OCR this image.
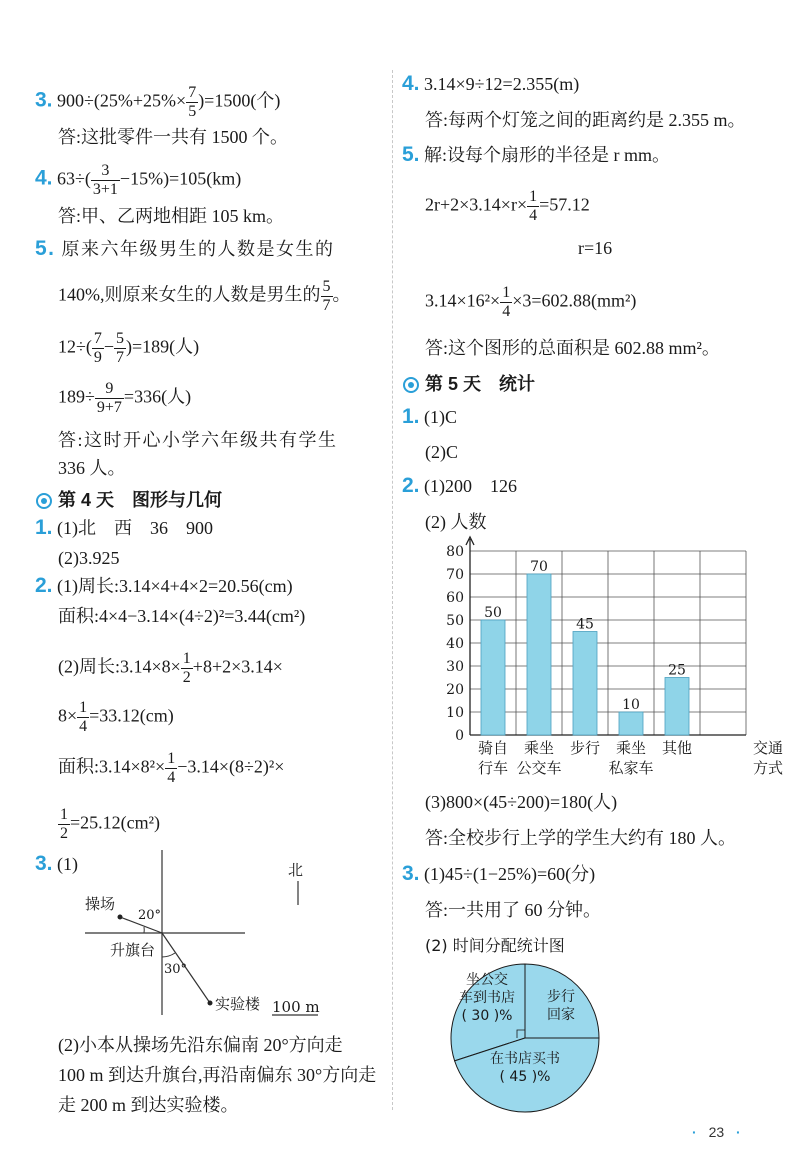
3. $900\div(25\%+25\%\times \frac{7}{5} )=1500$(个)
答:这批零件一共有 1500 个。
4. $63\div( \frac{3}{3+1} -15\%)=105(km)$
答:甲、乙两地相距 105 km。
5. 原来六年级男生的人数是女生的
140%,则原来女生的人数是男生的 $\frac{5}{7}$ 。
$12\div( \frac{7}{9} - \frac{5}{7} )=189$(人)
$189\div \frac{9}{9+7} =336$(人)
答:这时开心小学六年级共有学生
336 人。
第 4 天　图形与几何
1. (1)北　西　36　900
(2)3.925
2. (1)周长:3.14×4+4×2=20.56(cm)
面积:4×4−3.14×(4÷2)²=3.44(cm²)
(2)周长:3.14×8× $\frac{1}{2} +8+2\times 3.14\times$
$8\times \frac{1}{4} =33.12(cm)$
面积:3.14×8²× $\frac{1}{4} -3.14\times(8\div 2)^2\times$
$\frac{1}{2} =25.12(cm^2)$
3. (1)
操场
20°
升旗台
30°
实验楼 100 m
北
(2)小本从操场先沿东偏南 20°方向走
100 m 到达升旗台,再沿南偏东 30°方向走
走 200 m 到达实验楼。
4. 3.14×9÷12=2.355(m)
答:每两个灯笼之间的距离约是 2.355 m。
5. 解:设每个扇形的半径是 r mm。
$2r+2\times 3.14\times r\times \frac{1}{4} =57.12$
r=16
$3.14\times 16^2\times \frac{1}{4} \times 3=602.88(mm^2)$
答:这个图形的总面积是 602.88 mm²。
第 5 天　统计
1. (1)C
(2)C
2. (1)200　126
(2) 人数
0
10
20
30
40
50
60
70
80
50
70
45
10
25
骑自
行车
乘坐
公交车
步行 乘坐
私家车
其他	交通
方式
(3)800×(45÷200)=180(人)
答:全校步行上学的学生大约有 180 人。
3. (1)45÷(1−25%)=60(分)
答:一共用了 60 分钟。
(2) 时间分配统计图
坐公交
车到书店
( 30 )%
步行
回家
在书店买书
( 45 )%
· 23 ·
